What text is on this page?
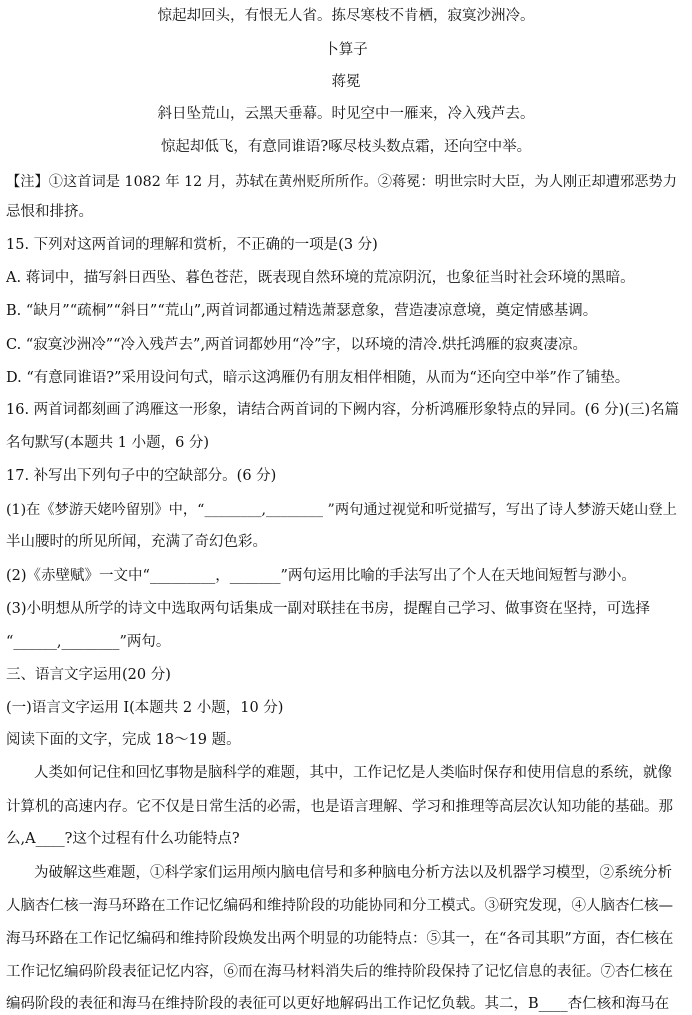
惊起却回头，有恨无人省。拣尽寒枝不肯栖，寂寞沙洲冷。
卜算子
蒋冕
斜日坠荒山，云黑天垂幕。时见空中一雁来，冷入残芦去。
惊起却低飞，有意同谁语?啄尽枝头数点霜，还向空中举。
【注】①这首词是 1082 年 12 月，苏轼在黄州贬所所作。②蒋冕：明世宗时大臣，为人刚正却遭邪恶势力
忌恨和排挤。
15. 下列对这两首词的理解和赏析，不正确的一项是(3 分)
A. 蒋词中，描写斜日西坠、暮色苍茫，既表现自然环境的荒凉阴沉，也象征当时社会环境的黑暗。
B. “缺月”“疏桐”“斜日”“荒山”,两首词都通过精选萧瑟意象，营造凄凉意境，奠定情感基调。
C. “寂寞沙洲冷”“冷入残芦去”,两首词都妙用“冷”字，以环境的清冷.烘托鸿雁的寂爽凄凉。
D. “有意同谁语?”采用设问句式，暗示这鸿雁仍有朋友相伴相随，从而为“还向空中举”作了铺垫。
16. 两首词都刻画了鸿雁这一形象，请结合两首词的下阙内容，分析鸿雁形象特点的异同。(6 分)(三)名篇
名句默写(本题共 1 小题，6 分)
17. 补写出下列句子中的空缺部分。(6 分)
(1)在《梦游天姥吟留别》中，“________,________ ”两句通过视觉和听觉描写，写出了诗人梦游天姥山登上
半山腰时的所见所闻，充满了奇幻色彩。
(2)《赤壁赋》一文中“_________，_______”两句运用比喻的手法写出了个人在天地间短暂与渺小。
(3)小明想从所学的诗文中选取两句话集成一副对联挂在书房，提醒自己学习、做事资在坚持，可选择
“______,________”两句。
三、语言文字运用(20 分)
(一)语言文字运用 I(本题共 2 小题，10 分)
阅读下面的文字，完成 18～19 题。
人类如何记住和回忆事物是脑科学的难题，其中，工作记忆是人类临时保存和使用信息的系统，就像
计算机的高速内存。它不仅是日常生活的必需，也是语言理解、学习和推理等高层次认知功能的基础。那
么,A____?这个过程有什么功能特点?
为破解这些难题，①科学家们运用颅内脑电信号和多种脑电分析方法以及机器学习模型，②系统分析
人脑杏仁核一海马环路在工作记忆编码和维持阶段的功能协同和分工模式。③研究发现，④人脑杏仁核—
海马环路在工作记忆编码和维持阶段焕发出两个明显的功能特点：⑤其一，在“各司其职”方面，杏仁核在
工作记忆编码阶段表征记忆内容，⑥而在海马材料消失后的维持阶段保持了记忆信息的表征。⑦杏仁核在
编码阶段的表征和海马在维持阶段的表征可以更好地解码出工作记忆负载。其二，B____杏仁核和海马在
